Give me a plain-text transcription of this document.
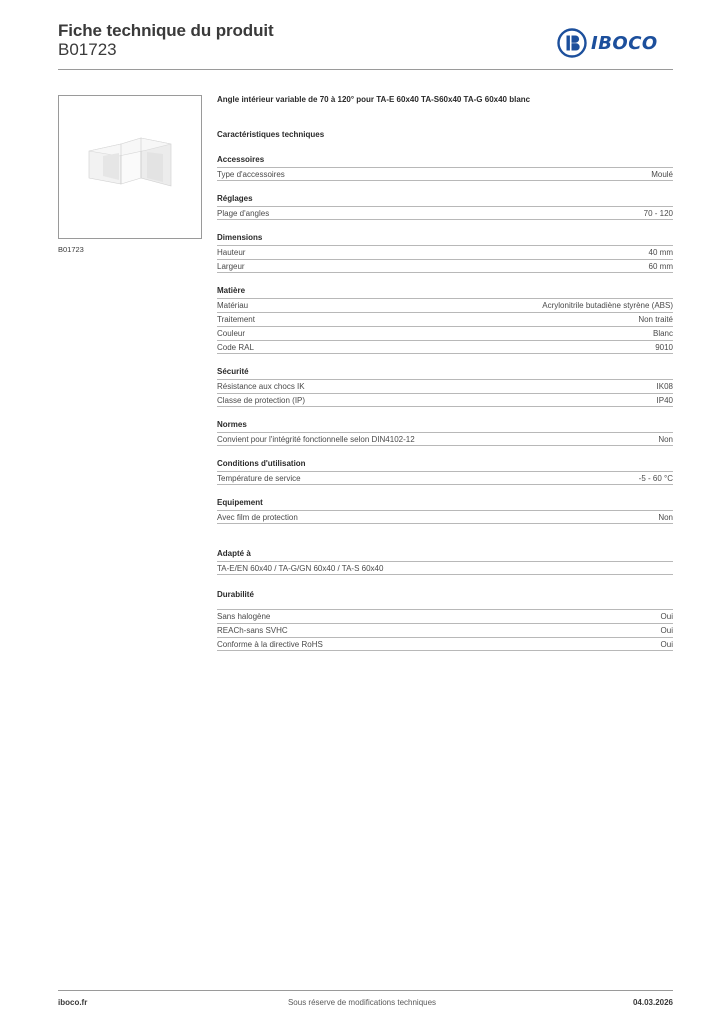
Fiche technique du produit
B01723	IBOCO
B01723
Angle intérieur variable de 70 à 120° pour TA-E 60x40 TA-S60x40 TA-G 60x40 blanc
Caractéristiques techniques
Accessoires
Type d'accessoires	Moulé
Réglages
Plage d'angles	70 - 120
Dimensions
Hauteur	40 mm
Largeur	60 mm
Matière
Matériau	Acrylonitrile butadiène styrène (ABS)
Traitement	Non traité
Couleur	Blanc
Code RAL	9010
Sécurité
Résistance aux chocs IK	IK08
Classe de protection (IP)	IP40
Normes
Convient pour l'intégrité fonctionnelle selon DIN4102-12	Non
Conditions d'utilisation
Température de service	-5 - 60 °C
Equipement
Avec film de protection	Non
Adapté à
TA-E/EN 60x40 / TA-G/GN 60x40 / TA-S 60x40
Durabilité
Sans halogène	Oui
REACh-sans SVHC	Oui
Conforme à la directive RoHS	Oui
iboco.fr	Sous réserve de modifications techniques	04.03.2026
